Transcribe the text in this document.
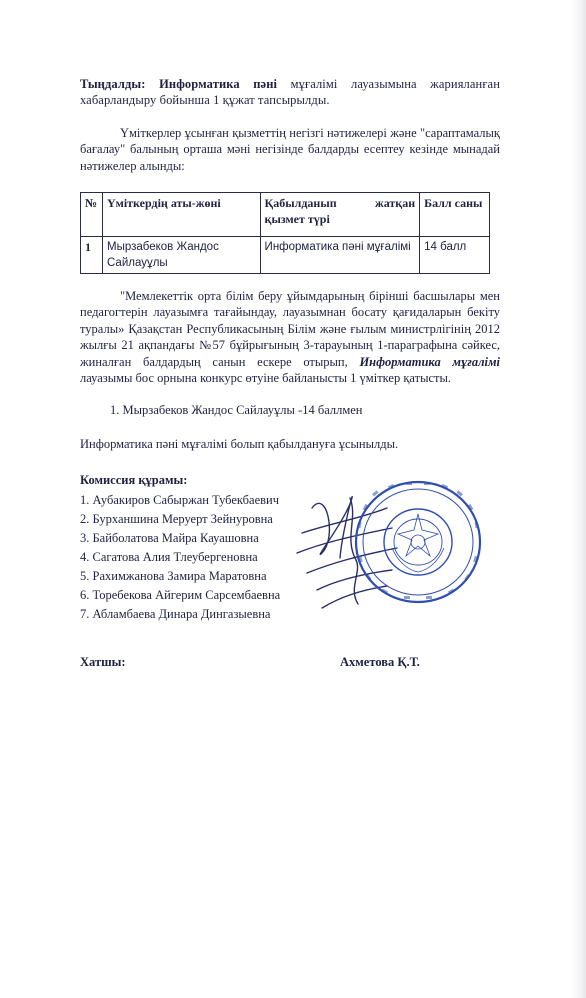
Тыңдалды: Информатика пәні мұғалімі лауазымына жарияланған хабарландыру бойынша 1 құжат тапсырылды.

Үміткерлер ұсынған қызметтің негізгі нәтижелері және "сараптамалық бағалау" балының орташа мәні негізінде балдарды есептеу кезінде мынадай нәтижелер алынды:

№	Үміткердің аты-жөні	Қабылданып жатқан қызмет түрі	Балл саны
1	Мырзабеков Жандос Сайлауұлы	Информатика пәні мұғалімі	14 балл

"Мемлекеттік орта білім беру ұйымдарының бірінші басшылары мен педагогтерін лауазымға тағайындау, лауазымнан босату қағидаларын бекіту туралы» Қазақстан Республикасының Білім және ғылым министрлігінің 2012 жылғы 21 ақпандағы №57 бұйрығының 3-тарауының 1-параграфына сәйкес, жиналған балдардың санын ескере отырып, Информатика мұғалімі лауазымы бос орнына конкурс өтуіне байланысты 1 үміткер қатысты.

1. Мырзабеков Жандос Сайлауұлы -14 баллмен

Информатика пәні мұғалімі болып қабылдануға ұсынылды.

Комиссия құрамы:

1. Аубакиров Сабыржан Тубекбаевич
2. Бурханшина Меруерт Зейнуровна
3. Байболатова Майра Кауашовна
4. Сагатова Алия Тлеубергеновна
5. Рахимжанова Замира Маратовна
6. Торебекова Айгерим Сарсембаевна
7. Абламбаева Динара Дингазыевна
Хатшы:	Ахметова Қ.Т.
